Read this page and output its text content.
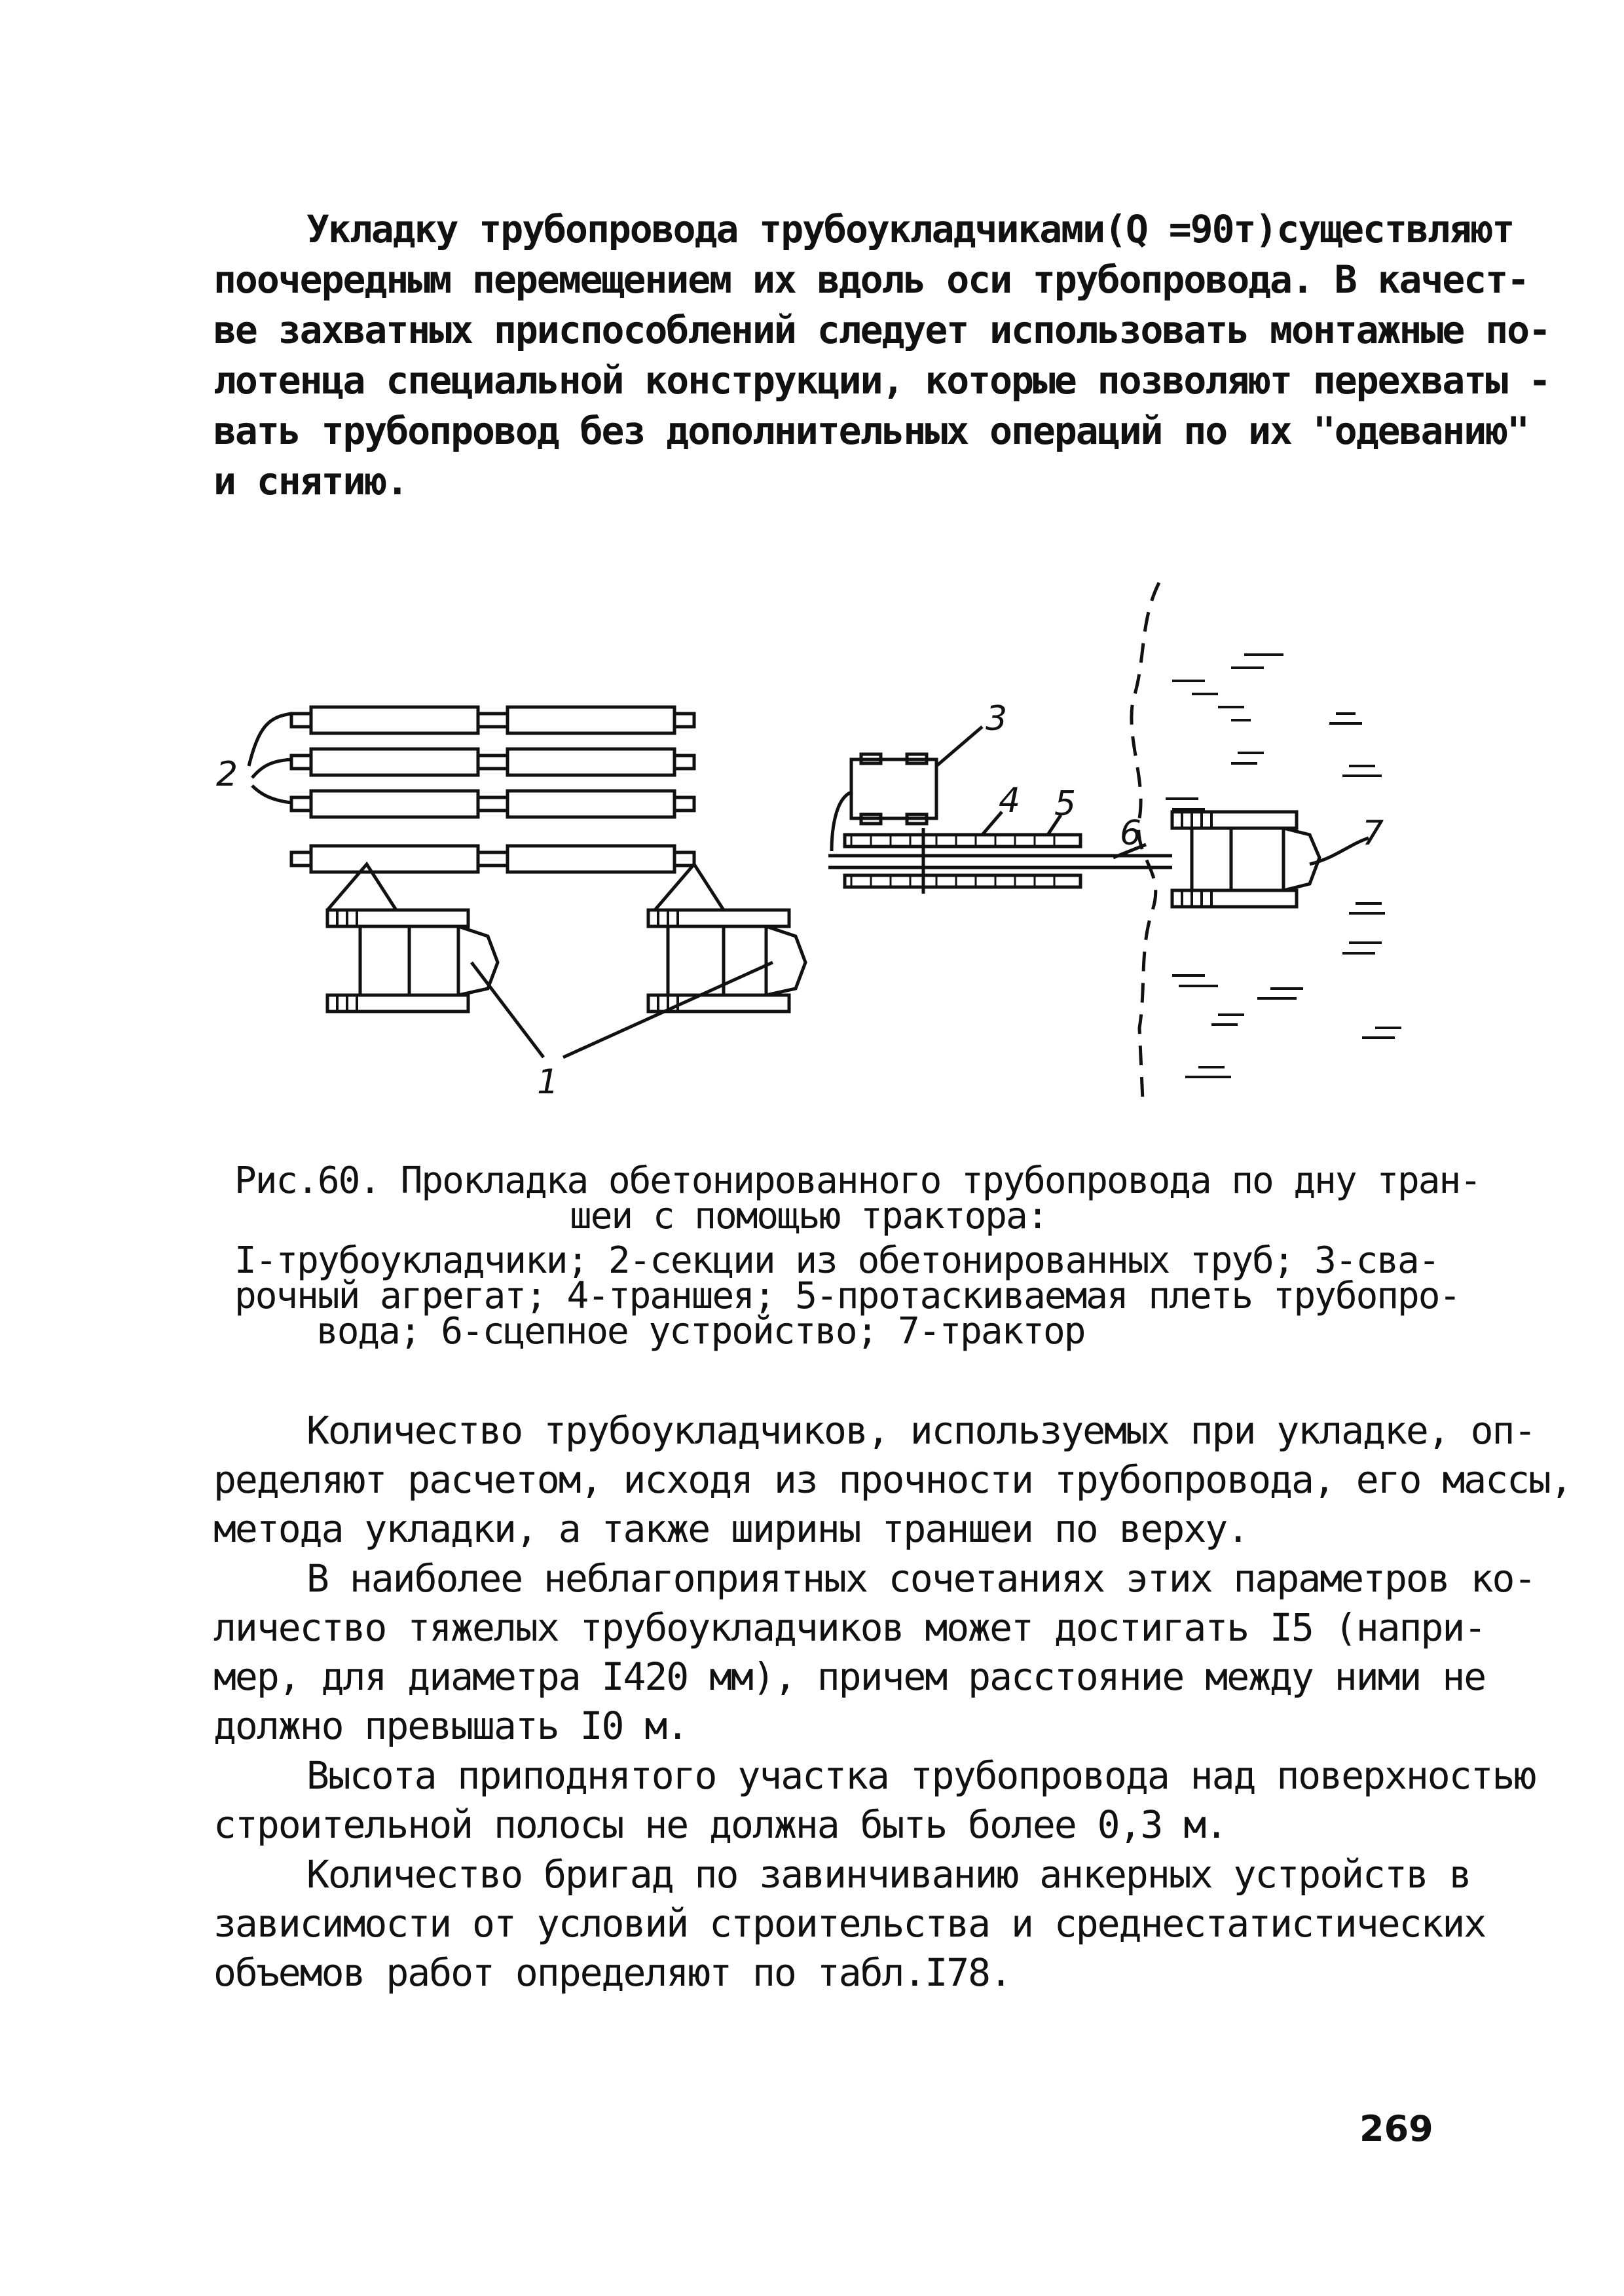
Укладку трубопровода трубоукладчиками(Q =90т)существляют
поочередным перемещением их вдоль оси трубопровода. В качест-
ве захватных приспособлений следует использовать монтажные по-
лотенца специальной конструкции, которые позволяют перехваты -
вать трубопровод без дополнительных операций по их "одеванию"
и снятию.
1
2
3
4 5
6	7
Рис.60. Прокладка обетонированного трубопровода по дну тран-
шеи с помощью трактора:
I-трубоукладчики; 2-секции из обетонированных труб; 3-сва-
рочный агрегат; 4-траншея; 5-протаскиваемая плеть трубопро-
вода; 6-сцепное устройство; 7-трактор
Количество трубоукладчиков, используемых при укладке, оп-
ределяют расчетом, исходя из прочности трубопровода, его массы,
метода укладки, а также ширины траншеи по верху.
В наиболее неблагоприятных сочетаниях этих параметров ко-
личество тяжелых трубоукладчиков может достигать I5 (напри-
мер, для диаметра I420 мм), причем расстояние между ними не
должно превышать I0 м.
Высота приподнятого участка трубопровода над поверхностью
строительной полосы не должна быть более 0,3 м.
Количество бригад по завинчиванию анкерных устройств в
зависимости от условий строительства и среднестатистических
объемов работ определяют по табл.I78.
269
